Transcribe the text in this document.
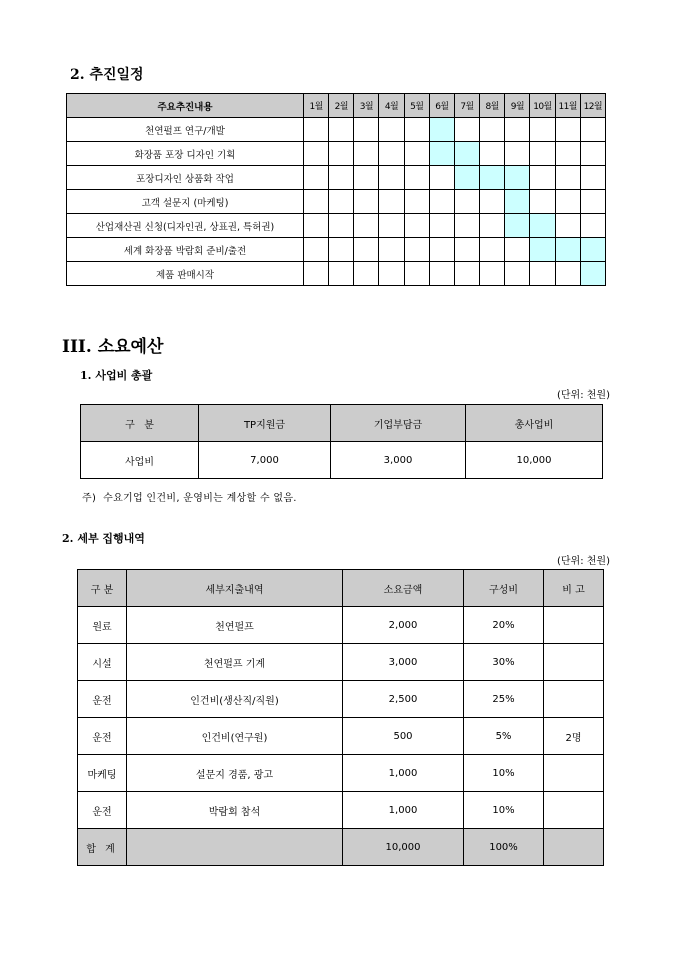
2. 추진일정
주요추진내용	1월	2월	3월	4월	5월	6월	7월	8월	9월	10월	11월	12월
천연펄프 연구/개발												
화장품 포장 디자인 기획												
포장디자인 상품화 작업												
고객 설문지 (마케팅)												
산업재산권 신청(디자인권, 상표권, 특허권)												
세계 화장품 박람회 준비/출전												
제품 판매시작												
III. 소요예산
1. 사업비 총괄
(단위: 천원)
구   분	TP지원금	기업부담금	총사업비
사업비	7,000	3,000	10,000
주)  수요기업 인건비, 운영비는 계상할 수 없음.
2. 세부 집행내역
(단위: 천원)
구 분	세부지출내역	소요금액	구성비	비 고
원료	천연펄프	2,000	20%	
시설	천연펄프 기계	3,000	30%	
운전	인건비(생산직/직원)	2,500	25%	
운전	인건비(연구원)	500	5%	2명
마케팅	설문지 경품, 광고	1,000	10%	
운전	박람회 참석	1,000	10%	
합 계		10,000	100%	
